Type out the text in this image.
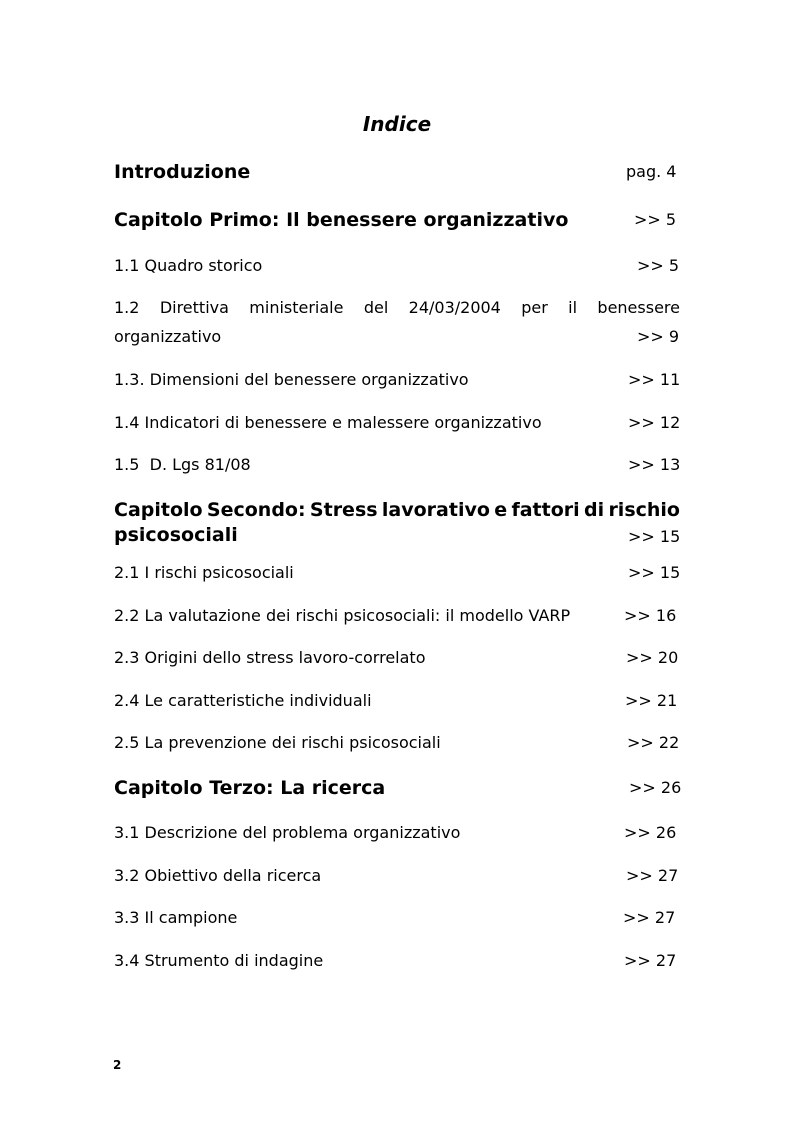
Indice
Introduzione	pag. 4
Capitolo Primo: Il benessere organizzativo	>> 5
1.1 Quadro storico	>> 5
1.2 Direttiva ministeriale del 24/03/2004 per il benessere
organizzativo	>> 9
1.3. Dimensioni del benessere organizzativo	>> 11
1.4 Indicatori di benessere e malessere organizzativo	>> 12
1.5  D. Lgs 81/08	>> 13
Capitolo Secondo: Stress lavorativo e fattori di rischio
psicosociali	>> 15
2.1 I rischi psicosociali	>> 15
2.2 La valutazione dei rischi psicosociali: il modello VARP	>> 16
2.3 Origini dello stress lavoro-correlato	>> 20
2.4 Le caratteristiche individuali	>> 21
2.5 La prevenzione dei rischi psicosociali	>> 22
Capitolo Terzo: La ricerca	>> 26
3.1 Descrizione del problema organizzativo	>> 26
3.2 Obiettivo della ricerca	>> 27
3.3 Il campione	>> 27
3.4 Strumento di indagine	>> 27
2
